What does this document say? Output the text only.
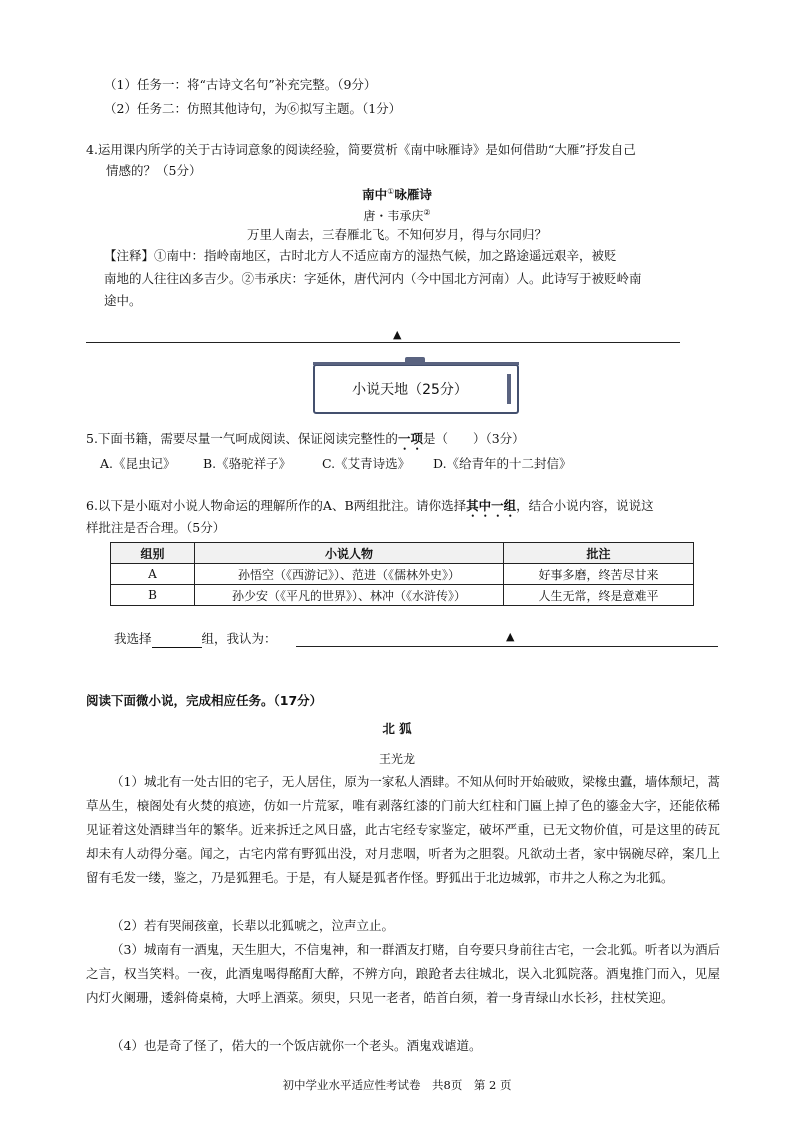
（1）任务一：将“古诗文名句”补充完整。（9分）
（2）任务二：仿照其他诗句，为⑥拟写主题。（1分）
4.运用课内所学的关于古诗词意象的阅读经验，简要赏析《南中咏雁诗》是如何借助“大雁”抒发自己
情感的？（5分）
南中①咏雁诗
唐・韦承庆②
万里人南去，三春雁北飞。不知何岁月，得与尔同归？
【注释】①南中：指岭南地区，古时北方人不适应南方的湿热气候，加之路途遥远艰辛，被贬
南地的人往往凶多吉少。②韦承庆：字延休，唐代河内（今中国北方河南）人。此诗写于被贬岭南
途中。
▲
小说天地（25分）
5.下面书籍，需要尽量一气呵成阅读、保证阅读完整性的一项是（　　）（3分）
A.《昆虫记》 B.《骆驼祥子》 C.《艾青诗选》 D.《给青年的十二封信》
6.以下是小瓯对小说人物命运的理解所作的A、B两组批注。请你选择其中一组，结合小说内容，说说这
样批注是否合理。（5分）
组别	小说人物	批注
A	孙悟空（《西游记》）、范进（《儒林外史》）	好事多磨，终苦尽甘来
B	孙少安（《平凡的世界》）、林冲（《水浒传》）	人生无常，终是意难平
我选择	组，我认为：	▲
阅读下面微小说，完成相应任务。（17分）
北 狐
王光龙
（1）城北有一处古旧的宅子，无人居住，原为一家私人酒肆。不知从何时开始破败，梁椽虫蠹，墙体颓圮，蒿草丛生，榱阁处有火焚的痕迹，仿如一片荒冢，唯有剥落红漆的门前大红柱和门匾上掉了色的鎏金大字，还能依稀见证着这处酒肆当年的繁华。近来拆迁之风日盛，此古宅经专家鉴定，破坏严重，已无文物价值，可是这里的砖瓦却未有人动得分毫。闻之，古宅内常有野狐出没，对月悲咽，听者为之胆裂。凡欲动土者，家中锅碗尽碎，案几上留有毛发一缕，鉴之，乃是狐狸毛。于是，有人疑是狐者作怪。野狐出于北边城郭，市井之人称之为北狐。
（2）若有哭闹孩童，长辈以北狐唬之，泣声立止。
（3）城南有一酒鬼，天生胆大，不信鬼神，和一群酒友打赌，自夸要只身前往古宅，一会北狐。听者以为酒后之言，权当笑料。一夜，此酒鬼喝得酩酊大醉，不辨方向，踉跄者去往城北，误入北狐院落。酒鬼推门而入，见屋内灯火阑珊，逶斜倚桌椅，大呼上酒菜。须臾，只见一老者，皓首白须，着一身青绿山水长衫，拄杖笑迎。
（4）也是奇了怪了，偌大的一个饭店就你一个老头。酒鬼戏谑道。
初中学业水平适应性考试卷　共8页　第 2 页
